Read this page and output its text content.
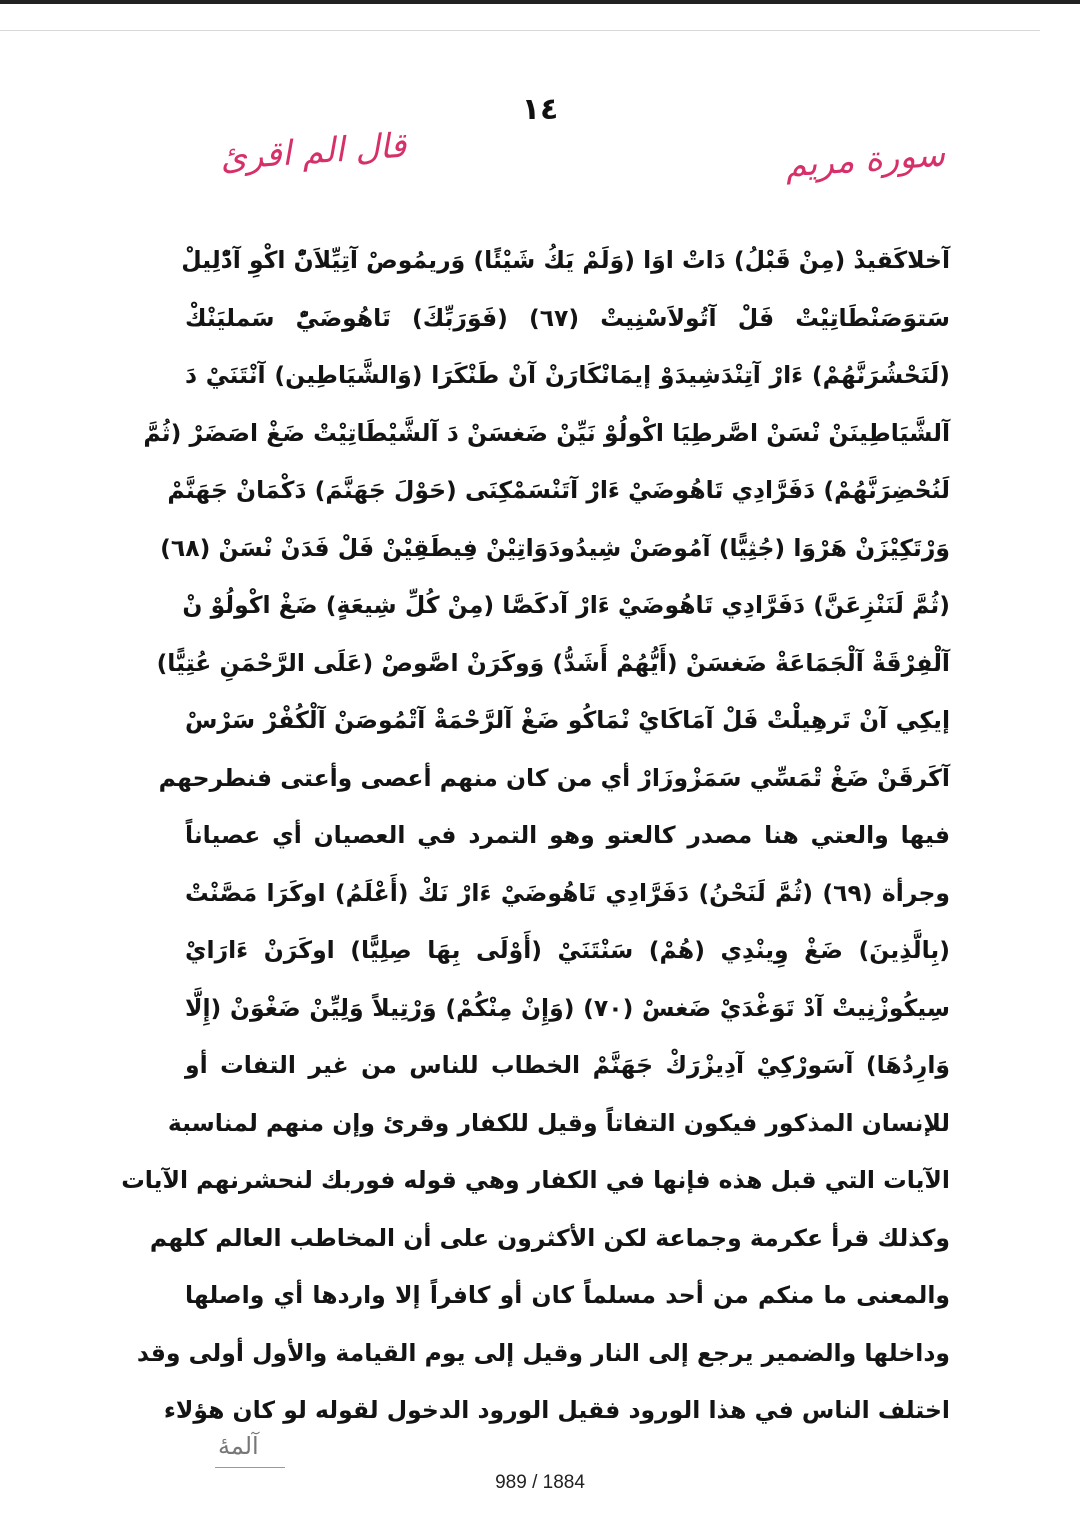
١٤

سورة مريم

قال الم اقرئ

آخلاكَقيدْ (مِنْ قَبْلُ) دَاتْ اوَا (وَلَمْ يَكُ شَيْئًا) وَريمُوصْ آتِيِّلاَنّْ اكْوِ آدّْلِيلْ
سَتوَصَنْطَاتِيْتْ فَلْ آتُولاَسْنِيتْ (٦٧) (فَوَرَبِّكَ) تَاهُوضَيّْ سَمليَنْكْ
(لَنَحْشُرَنَّهُمْ) ءَارْ آتِنْدَشِيدَوْ إيمَانْكَارَنْ آنْ طَنْكَرَا (وَالشَّيَاطِين) آنْتَنَيْ دَ
آلشَّيَاطِينَنْ نْسَنْ اصَّرطِيَا اكْولُوْ نَيِّنْ ضَغسَنْ دَ آلشَّيْطَاتِيْتْ ضَغْ اصَضَرْ (ثُمَّ
لَنُحْضِرَنَّهُمْ) دَفَرَّادِي تَاهُوضَيْ ءَارْ آتَنْسَمْكِنَى (حَوْلَ جَهَنَّمَ) دَكْمَانْ جَهَنَّمْ
وَرْتَكِيْزَنْ هَرْوَا (جُثِيًّا) آمُوصَنْ شِيدُودَوَاتِيْنْ فِيطَقِيْنْ فَلْ فَدَنْ نْسَنْ (٦٨)
(ثُمَّ لَنَنْزِعَنَّ) دَفَرَّادِي تَاهُوضَيْ ءَارْ آدكَصَّا (مِنْ كُلِّ شِيعَةٍ) ضَغْ اكْولُوْ نْ
آلْفِرْقَةْ آلْجَمَاعَةْ ضَغسَنْ (أَيُّهُمْ أَشَدُّ) وَوكَرَنْ اصَّوصْ (عَلَى الرَّحْمَنِ عُتِيًّا)
إيكِي آنْ تَرهِيلْتْ فَلْ آمَاكَايْ نْمَاكُو ضَغْ آلرَّحْمَةْ آتْمُوصَنْ آلْكُفْرْ سَرْسْ
آكَرقَنْ ضَغْ تْمَسِّي سَمَزْوزَارْ أي من كان منهم أعصى وأعتى فنطرحهم
فيها والعتي هنا مصدر كالعتو وهو التمرد في العصيان أي عصياناً
وجرأة (٦٩) (ثُمَّ لَنَحْنُ) دَفَرَّادِي تَاهُوضَيْ ءَارْ نَكْ (أَعْلَمُ) اوكَرَا مَصَّنْتْ
(بِالَّذِينَ) ضَغْ وِينْدِي (هُمْ) سَنْتَنَيْ (أَوْلَى بِهَا صِلِيًّا) اوكَرَنْ ءَارَايْ
سِيكُوزْنِيتْ آدْ تَوَغْدَيْ ضَغسْ (٧٠) (وَإِنْ مِنْكُمْ) وَرْتِيلاً وَلِيِّنْ ضَغْوَنْ (إِلَّا
وَارِدُهَا) آسَورْكِيْ آدِيزْرَكْ جَهَنَّمْ الخطاب للناس من غير التفات أو
للإنسان المذكور فيكون التفاتاً وقيل للكفار وقرئ وإن منهم لمناسبة
الآيات التي قبل هذه فإنها في الكفار وهي قوله فوربك لنحشرنهم الآيات
وكذلك قرأ عكرمة وجماعة لكن الأكثرون على أن المخاطب العالم كلهم
والمعنى ما منكم من أحد مسلماً كان أو كافراً إلا واردها أي واصلها
وداخلها والضمير يرجع إلى النار وقيل إلى يوم القيامة والأول أولى وقد
اختلف الناس في هذا الورود فقيل الورود الدخول لقوله لو كان هؤلاء

آلمهٔ

989 / 1884
